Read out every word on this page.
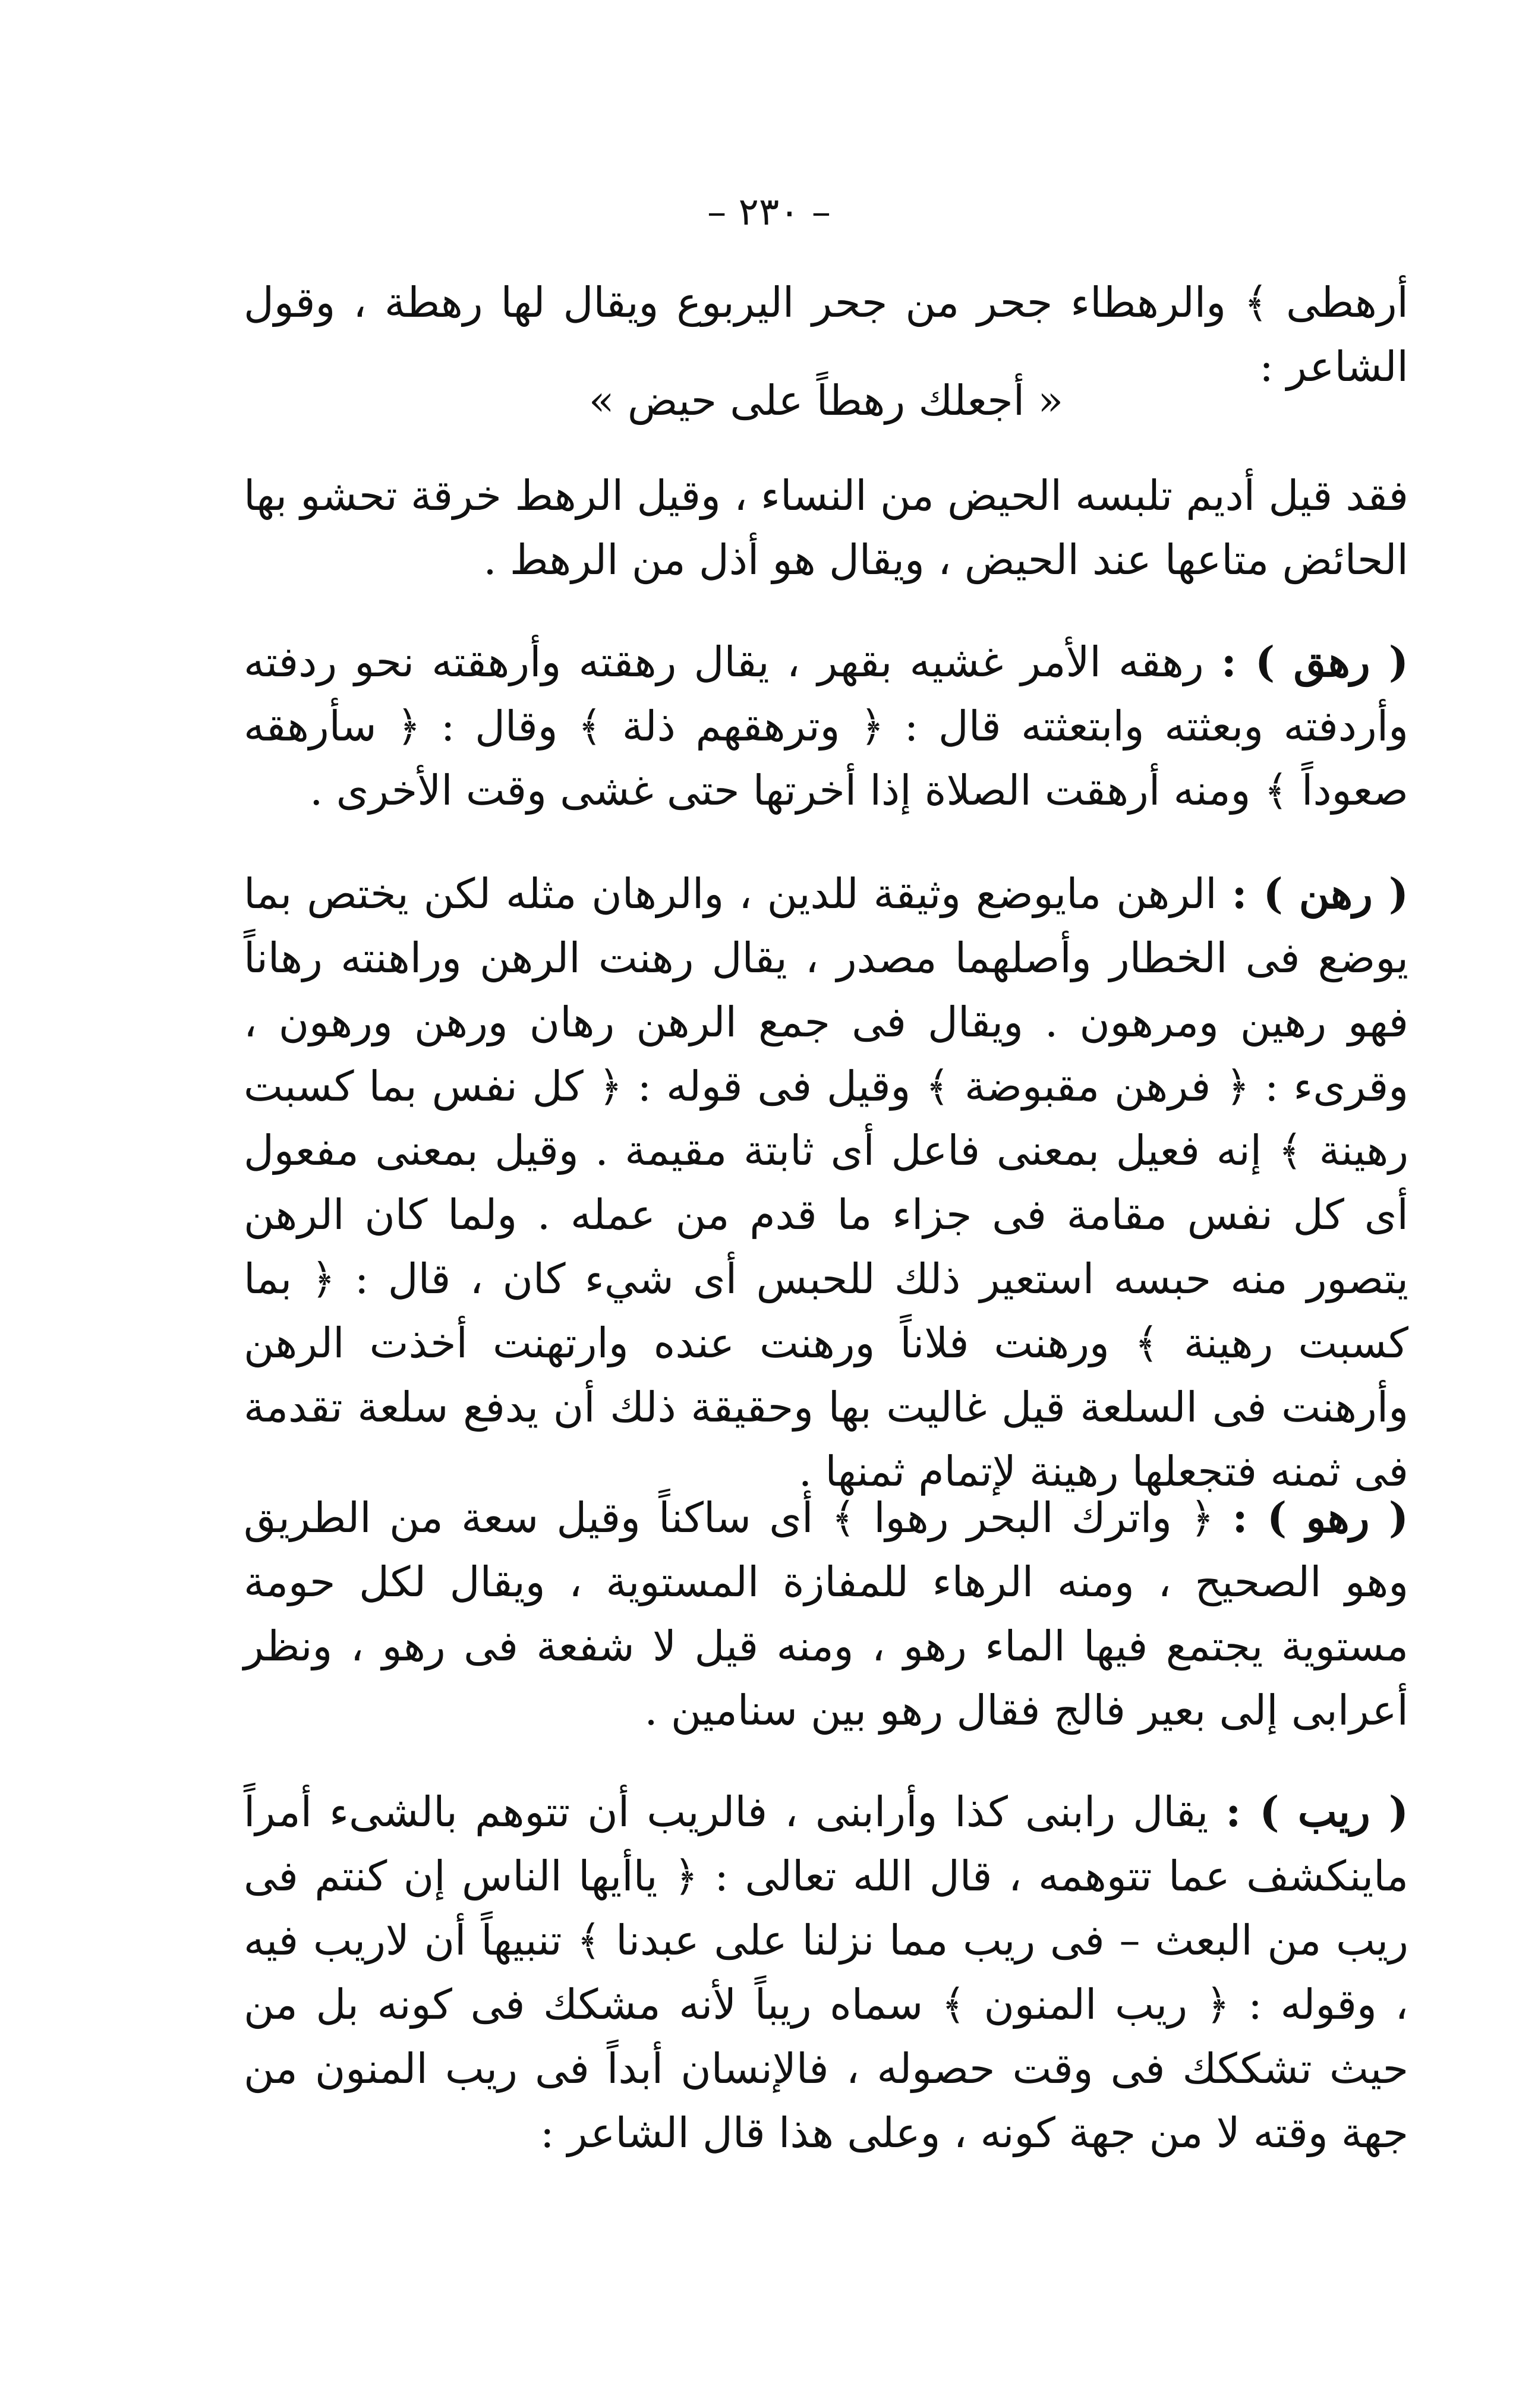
– ٢٣٠ –

أرهطى ﴾ والرهطاء جحر من جحر اليربوع ويقال لها رهطة ، وقول الشاعر :

« أجعلك رهطاً على حيض »

فقد قيل أديم تلبسه الحيض من النساء ، وقيل الرهط خرقة تحشو بها الحائض متاعها عند الحيض ، ويقال هو أذل من الرهط .

( رهق ) : رهقه الأمر غشيه بقهر ، يقال رهقته وأرهقته نحو ردفته وأردفته وبعثته وابتعثته قال : ﴿ وترهقهم ذلة ﴾ وقال : ﴿ سأرهقه صعوداً ﴾ ومنه أرهقت الصلاة إذا أخرتها حتى غشى وقت الأخرى .

( رهن ) : الرهن مايوضع وثيقة للدين ، والرهان مثله لكن يختص بما يوضع فى الخطار وأصلهما مصدر ، يقال رهنت الرهن وراهنته رهاناً فهو رهين ومرهون . ويقال فى جمع الرهن رهان ورهن ورهون ، وقرىء : ﴿ فرهن مقبوضة ﴾ وقيل فى قوله : ﴿ كل نفس بما كسبت رهينة ﴾ إنه فعيل بمعنى فاعل أى ثابتة مقيمة . وقيل بمعنى مفعول أى كل نفس مقامة فى جزاء ما قدم من عمله . ولما كان الرهن يتصور منه حبسه استعير ذلك للحبس أى شيء كان ، قال : ﴿ بما كسبت رهينة ﴾ ورهنت فلاناً ورهنت عنده وارتهنت أخذت الرهن وأرهنت فى السلعة قيل غاليت بها وحقيقة ذلك أن يدفع سلعة تقدمة فى ثمنه فتجعلها رهينة لإتمام ثمنها .

( رهو ) : ﴿ واترك البحر رهوا ﴾ أى ساكناً وقيل سعة من الطريق وهو الصحيح ، ومنه الرهاء للمفازة المستوية ، ويقال لكل حومة مستوية يجتمع فيها الماء رهو ، ومنه قيل لا شفعة فى رهو ، ونظر أعرابى إلى بعير فالج فقال رهو بين سنامين .

( ريب ) : يقال رابنى كذا وأرابنى ، فالريب أن تتوهم بالشىء أمراً ماينكشف عما تتوهمه ، قال الله تعالى : ﴿ ياأيها الناس إن كنتم فى ريب من البعث – فى ريب مما نزلنا على عبدنا ﴾ تنبيهاً أن لاريب فيه ، وقوله : ﴿ ريب المنون ﴾ سماه ريباً لأنه مشكك فى كونه بل من حيث تشككك فى وقت حصوله ، فالإنسان أبداً فى ريب المنون من جهة وقته لا من جهة كونه ، وعلى هذا قال الشاعر :
